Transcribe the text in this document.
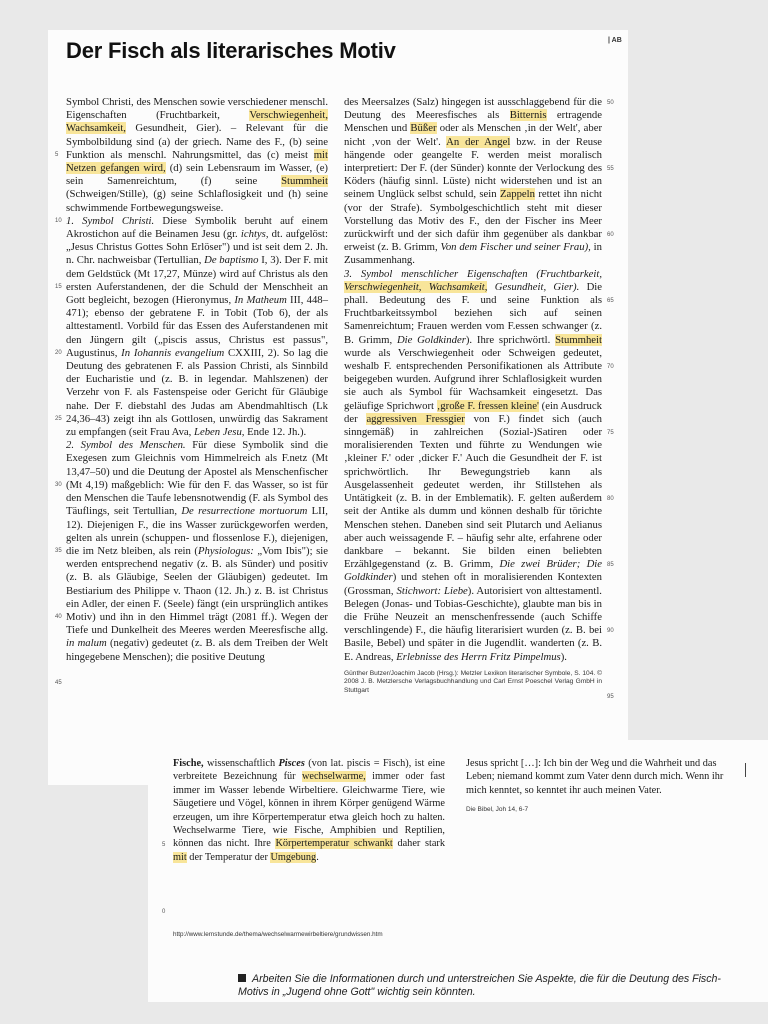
Der Fisch als literarisches Motiv	| AB

Symbol Christi, des Menschen sowie verschiedener menschl. Eigenschaften (Fruchtbarkeit, Verschwiegenheit, Wachsamkeit, Gesundheit, Gier). – Relevant für die Symbolbildung sind (a) der griech. Name des F., (b) seine Funktion als menschl. Nahrungsmittel, das (c) meist mit Netzen gefangen wird, (d) sein Lebensraum im Wasser, (e) sein Samenreichtum, (f) seine Stummheit (Schweigen/Stille), (g) seine Schlaflosigkeit und (h) seine schwimmende Fortbewegungsweise.

1. Symbol Christi. Diese Symbolik beruht auf einem Akrostichon auf die Beinamen Jesu (gr. ichtys, dt. aufgelöst: „Jesus Christus Gottes Sohn Erlöser") und ist seit dem 2. Jh. n. Chr. nachweisbar (Tertullian, De baptismo I, 3). Der F. mit dem Geldstück (Mt 17,27, Münze) wird auf Christus als den ersten Auferstandenen, der die Schuld der Menschheit an Gott begleicht, bezogen (Hieronymus, In Matheum III, 448–471); ebenso der gebratene F. in Tobit (Tob 6), der als alttestamentl. Vorbild für das Essen des Auferstandenen mit den Jüngern gilt („piscis assus, Christus est passus", Augustinus, In Iohannis evangelium CXXIII, 2). So lag die Deutung des gebratenen F. als Passion Christi, als Sinnbild der Eucharistie und (z. B. in legendar. Mahlszenen) der Verzehr von F. als Fastenspeise oder Gericht für Gläubige nahe. Der F. diebstahl des Judas am Abendmahltisch (Lk 24,36–43) zeigt ihn als Gottlosen, unwürdig das Sakrament zu empfangen (seit Frau Ava, Leben Jesu, Ende 12. Jh.).

2. Symbol des Menschen. Für diese Symbolik sind die Exegesen zum Gleichnis vom Himmelreich als F.netz (Mt 13,47–50) und die Deutung der Apostel als Menschenfischer (Mt 4,19) maßgeblich: Wie für den F. das Wasser, so ist für den Menschen die Taufe lebensnotwendig (F. als Symbol des Täuflings, seit Tertullian, De resurrectione mortuorum LII, 12). Diejenigen F., die ins Wasser zurückgeworfen werden, gelten als unrein (schuppen- und flossenlose F.), diejenigen, die im Netz bleiben, als rein (Physiologus: „Vom Ibis"); sie werden entsprechend negativ (z. B. als Sünder) und positiv (z. B. als Gläubige, Seelen der Gläubigen) gedeutet. Im Bestiarium des Philippe v. Thaon (12. Jh.) z. B. ist Christus ein Adler, der einen F. (Seele) fängt (ein ursprünglich antikes Motiv) und ihn in den Himmel trägt (2081 ff.). Wegen der Tiefe und Dunkelheit des Meeres werden Meeresfische allg. in malum (negativ) gedeutet (z. B. als dem Treiben der Welt hingegebene Menschen); die positive Deutung

des Meersalzes (Salz) hingegen ist ausschlaggebend für die Deutung des Meeresfisches als Bitternis ertragende Menschen und Büßer oder als Menschen ‚in der Welt', aber nicht ‚von der Welt'. An der Angel bzw. in der Reuse hängende oder geangelte F. werden meist moralisch interpretiert: Der F. (der Sünder) konnte der Verlockung des Köders (häufig sinnl. Lüste) nicht widerstehen und ist an seinem Unglück selbst schuld, sein Zappeln rettet ihn nicht (vor der Strafe). Symbolgeschichtlich steht mit dieser Vorstellung das Motiv des F., den der Fischer ins Meer zurückwirft und der sich dafür ihm gegenüber als dankbar erweist (z. B. Grimm, Von dem Fischer und seiner Frau), in Zusammenhang.

3. Symbol menschlicher Eigenschaften (Fruchtbarkeit, Verschwiegenheit, Wachsamkeit, Gesundheit, Gier). Die phall. Bedeutung des F. und seine Funktion als Fruchtbarkeitssymbol beziehen sich auf seinen Samenreichtum; Frauen werden vom F.essen schwanger (z. B. Grimm, Die Goldkinder). Ihre sprichwörtl. Stummheit wurde als Verschwiegenheit oder Schweigen gedeutet, weshalb F. entsprechenden Personifikationen als Attribute beigegeben wurden. Aufgrund ihrer Schlaflosigkeit wurden sie auch als Symbol für Wachsamkeit eingesetzt. Das geläufige Sprichwort ‚große F. fressen kleine' (ein Ausdruck der aggressiven Fressgier von F.) findet sich (auch sinngemäß) in zahlreichen (Sozial-)Satiren oder moralisierenden Texten und führte zu Wendungen wie ‚kleiner F.' oder ‚dicker F.' Auch die Gesundheit der F. ist sprichwörtlich. Ihr Bewegungstrieb kann als Ausgelassenheit gedeutet werden, ihr Stillstehen als Untätigkeit (z. B. in der Emblematik). F. gelten außerdem seit der Antike als dumm und können deshalb für törichte Menschen stehen. Daneben sind seit Plutarch und Aelianus aber auch weissagende F. – häufig sehr alte, erfahrene oder dankbare – bekannt. Sie bilden einen beliebten Erzählgegenstand (z. B. Grimm, Die zwei Brüder; Die Goldkinder) und stehen oft in moralisierenden Kontexten (Grossman, Stichwort: Liebe). Autorisiert von alttestamentl. Belegen (Jonas- und Tobias-Geschichte), glaubte man bis in die Frühe Neuzeit an menschenfressende (auch Schiffe verschlingende) F., die häufig literarisiert wurden (z. B. bei Basile, Bebel) und später in die Jugendlit. wanderten (z. B. E. Andreas, Erlebnisse des Herrn Fritz Pimpelmus).

Günther Butzer/Joachim Jacob (Hrsg.): Metzler Lexikon literarischer Symbole, S. 104. © 2008 J. B. Metzlersche Verlagsbuchhandlung und Carl Ernst Poeschel Verlag GmbH in Stuttgart

5
10
15
20
25
30
35
40
45
50
55
60
65
70
75
80
85
90
95

Fische, wissenschaftlich Pisces (von lat. piscis = Fisch), ist eine verbreitete Bezeichnung für wechselwarme, immer oder fast immer im Wasser lebende Wirbeltiere. Gleichwarme Tiere, wie Säugetiere und Vögel, können in ihrem Körper genügend Wärme erzeugen, um ihre Körpertemperatur etwa gleich hoch zu halten. Wechselwarme Tiere, wie Fische, Amphibien und Reptilien, können das nicht. Ihre Körpertemperatur schwankt daher stark mit der Temperatur der Umgebung.

5
0
http://www.lernstunde.de/thema/wechselwarmewirbeltiere/grundwissen.htm

Jesus spricht […]: Ich bin der Weg und die Wahrheit und das Leben; niemand kommt zum Vater denn durch mich. Wenn ihr mich kenntet, so kenntet ihr auch meinen Vater.

Die Bibel, Joh 14, 6-7

Arbeiten Sie die Informationen durch und unterstreichen Sie Aspekte, die für die Deutung des Fisch-Motivs in „Jugend ohne Gott" wichtig sein könnten.
